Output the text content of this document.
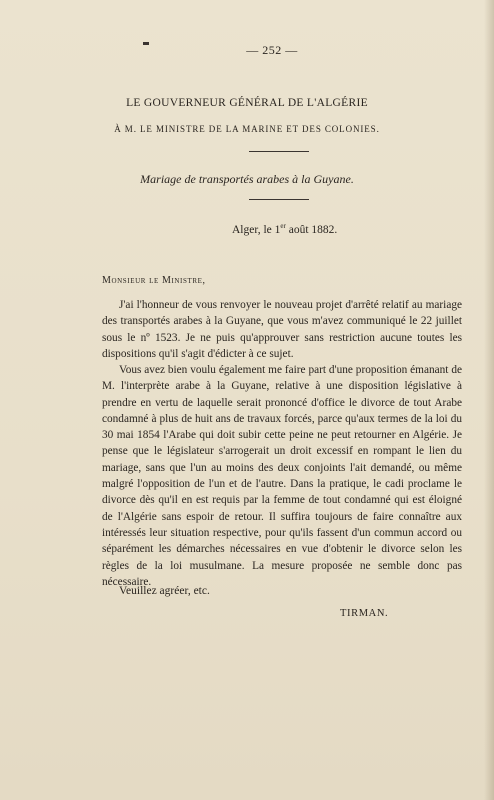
— 252 —
LE GOUVERNEUR GÉNÉRAL DE L'ALGÉRIE
À M. LE MINISTRE DE LA MARINE ET DES COLONIES.
Mariage de transportés arabes à la Guyane.
Alger, le 1er août 1882.
Monsieur le Ministre,

J'ai l'honneur de vous renvoyer le nouveau projet d'arrêté relatif au mariage des transportés arabes à la Guyane, que vous m'avez communiqué le 22 juillet sous le nº 1523. Je ne puis qu'approuver sans restriction aucune toutes les dispositions qu'il s'agit d'édicter à ce sujet.

Vous avez bien voulu également me faire part d'une proposition émanant de M. l'interprète arabe à la Guyane, relative à une disposition législative à prendre en vertu de laquelle serait prononcé d'office le divorce de tout Arabe condamné à plus de huit ans de travaux forcés, parce qu'aux termes de la loi du 30 mai 1854 l'Arabe qui doit subir cette peine ne peut retourner en Algérie. Je pense que le législateur s'arrogerait un droit excessif en rompant le lien du mariage, sans que l'un au moins des deux conjoints l'ait demandé, ou même malgré l'opposition de l'un et de l'autre. Dans la pratique, le cadi proclame le divorce dès qu'il en est requis par la femme de tout condamné qui est éloigné de l'Algérie sans espoir de retour. Il suffira toujours de faire connaître aux intéressés leur situation respective, pour qu'ils fassent d'un commun accord ou séparément les démarches nécessaires en vue d'obtenir le divorce selon les règles de la loi musulmane. La mesure proposée ne semble donc pas nécessaire.

Veuillez agréer, etc.
TIRMAN.
